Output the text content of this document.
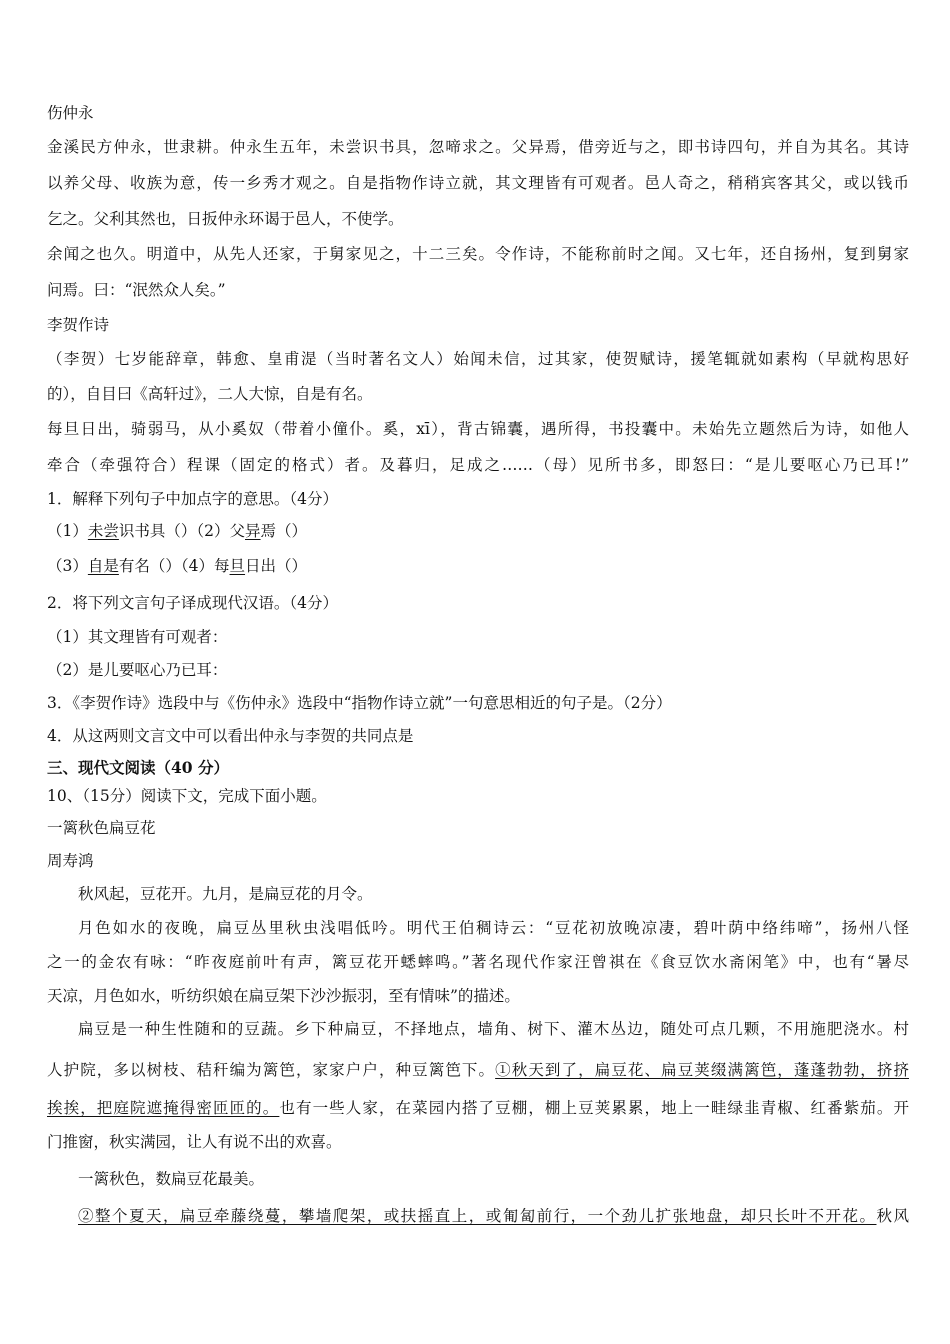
伤仲永
金溪民方仲永，世隶耕。仲永生五年，未尝识书具，忽啼求之。父异焉，借旁近与之，即书诗四句，并自为其名。其诗
以养父母、收族为意，传一乡秀才观之。自是指物作诗立就，其文理皆有可观者。邑人奇之，稍稍宾客其父，或以钱币
乞之。父利其然也，日扳仲永环谒于邑人，不使学。
余闻之也久。明道中，从先人还家，于舅家见之，十二三矣。令作诗，不能称前时之闻。又七年，还自扬州，复到舅家
问焉。曰：“泯然众人矣。”
李贺作诗
（李贺）七岁能辞章，韩愈、皇甫湜（当时著名文人）始闻未信，过其家，使贺赋诗，援笔辄就如素构（早就构思好
的），自目曰《高轩过》，二人大惊，自是有名。
每旦日出，骑弱马，从小奚奴（带着小僮仆。奚，xī），背古锦囊，遇所得，书投囊中。未始先立题然后为诗，如他人
牵合（牵强符合）程课（固定的格式）者。及暮归，足成之……（母）见所书多，即怒曰：“是儿要呕心乃已耳!”
1．解释下列句子中加点字的意思。（4分）
（1）未尝识书具（）（2）父异焉（）
（3）自是有名（）（4）每旦日出（）
2．将下列文言句子译成现代汉语。（4分）
（1）其文理皆有可观者：
（2）是儿要呕心乃已耳：
3．《李贺作诗》选段中与《伤仲永》选段中“指物作诗立就”一句意思相近的句子是。（2分）
4．从这两则文言文中可以看出仲永与李贺的共同点是
三、现代文阅读（40 分）
10、（15分）阅读下文，完成下面小题。
一篱秋色扁豆花
周寿鸿
秋风起，豆花开。九月，是扁豆花的月令。
月色如水的夜晚，扁豆丛里秋虫浅唱低吟。明代王伯稠诗云：“豆花初放晚凉凄，碧叶荫中络纬啼”，扬州八怪
之一的金农有咏：“昨夜庭前叶有声，篱豆花开蟋蟀鸣。”著名现代作家汪曾祺在《食豆饮水斋闲笔》中，也有“暑尽
天凉，月色如水，听纺织娘在扁豆架下沙沙振羽，至有情味”的描述。
扁豆是一种生性随和的豆蔬。乡下种扁豆，不择地点，墙角、树下、灌木丛边，随处可点几颗，不用施肥浇水。村
人护院，多以树枝、秸秆编为篱笆，家家户户，种豆篱笆下。①秋天到了，扁豆花、扁豆荚缀满篱笆，蓬蓬勃勃，挤挤
挨挨，把庭院遮掩得密匝匝的。也有一些人家，在菜园内搭了豆棚，棚上豆荚累累，地上一畦绿韭青椒、红番紫茄。开
门推窗，秋实满园，让人有说不出的欢喜。
一篱秋色，数扁豆花最美。
②整个夏天，扁豆牵藤绕蔓，攀墙爬架，或扶摇直上，或匍匐前行，一个劲儿扩张地盘，却只长叶不开花。秋风
